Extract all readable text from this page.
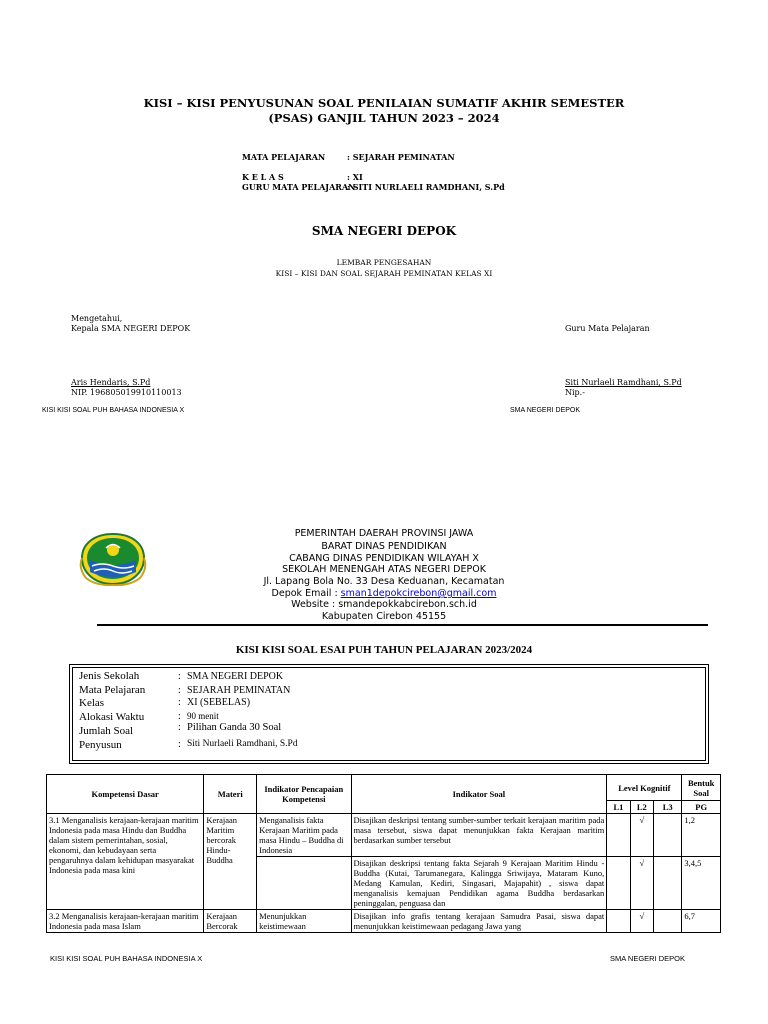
KISI – KISI PENYUSUNAN SOAL PENILAIAN SUMATIF AKHIR SEMESTER
(PSAS) GANJIL TAHUN 2023 – 2024
MATA PELAJARAN	: SEJARAH PEMINATAN
K E L A S	: XI
GURU MATA PELAJARAN
: SITI NURLAELI RAMDHANI, S.Pd
SMA NEGERI DEPOK
LEMBAR PENGESAHAN
KISI – KISI DAN SOAL SEJARAH PEMINATAN KELAS XI
Mengetahui,
Kepala SMA NEGERI DEPOK	Guru Mata Pelajaran
Aris Hendaris, S.Pd
NIP. 196805019910110013
Siti Nurlaeli Ramdhani, S.Pd
Nip.-
KISI KISI SOAL PUH BAHASA INDONESIA X	SMA NEGERI DEPOK
PEMERINTAH DAERAH PROVINSI JAWA
BARAT DINAS PENDIDIKAN
CABANG DINAS PENDIDIKAN WILAYAH X
SEKOLAH MENENGAH ATAS NEGERI DEPOK
Jl. Lapang Bola No. 33 Desa Keduanan, Kecamatan
Depok Email : sman1depokcirebon@gmail.com
Website : smandepokkabcirebon.sch.id
Kabupaten Cirebon 45155
KISI KISI SOAL ESAI PUH TAHUN PELAJARAN 2023/2024
Jenis Sekolah	: SMA NEGERI DEPOK
Mata Pelajaran	: SEJARAH PEMINATAN
Kelas	: XI (SEBELAS)
Alokasi Waktu	: 90 menit
Jumlah Soal	: Pilihan Ganda 30 Soal
Penyusun	: Siti Nurlaeli Ramdhani, S.Pd
Kompetensi Dasar	Materi	Indikator Pencapaian Kompetensi	Indikator Soal	Level Kognitif			Bentuk Soal
				L1	L2	L3	PG
3.1 Menganalisis kerajaan-kerajaan maritim Indonesia pada masa Hindu dan Buddha dalam sistem pemerintahan, sosial, ekonomi, dan kebudayaan serta pengaruhnya dalam kehidupan masyarakat Indonesia pada masa kini	Kerajaan Maritim bercorak Hindu-Buddha	Menganalisis fakta Kerajaan Maritim pada masa Hindu – Buddha di Indonesia	Disajikan deskripsi tentang sumber-sumber terkait kerajaan maritim pada masa tersebut, siswa dapat menunjukkan fakta Kerajaan maritim berdasarkan sumber tersebut		√		1,2
			Disajikan deskripsi tentang fakta Sejarah 9 Kerajaan Maritim Hindu - Buddha (Kutai, Tarumanegara, Kalingga Sriwijaya, Mataram Kuno, Medang Kamulan, Kediri, Singasari, Majapahit) , siswa dapat menganalisis kemajuan Pendidikan agama Buddha berdasarkan peninggalan, penguasa dan		√		3,4,5
3.2 Menganalisis kerajaan-kerajaan maritim Indonesia pada masa Islam	Kerajaan Bercorak	Menunjukkan keistimewaan	Disajikan info grafis tentang kerajaan Samudra Pasai, siswa dapat menunjukkan keistimewaan pedagang Jawa yang		√		6,7
KISI KISI SOAL PUH BAHASA INDONESIA X	SMA NEGERI DEPOK
